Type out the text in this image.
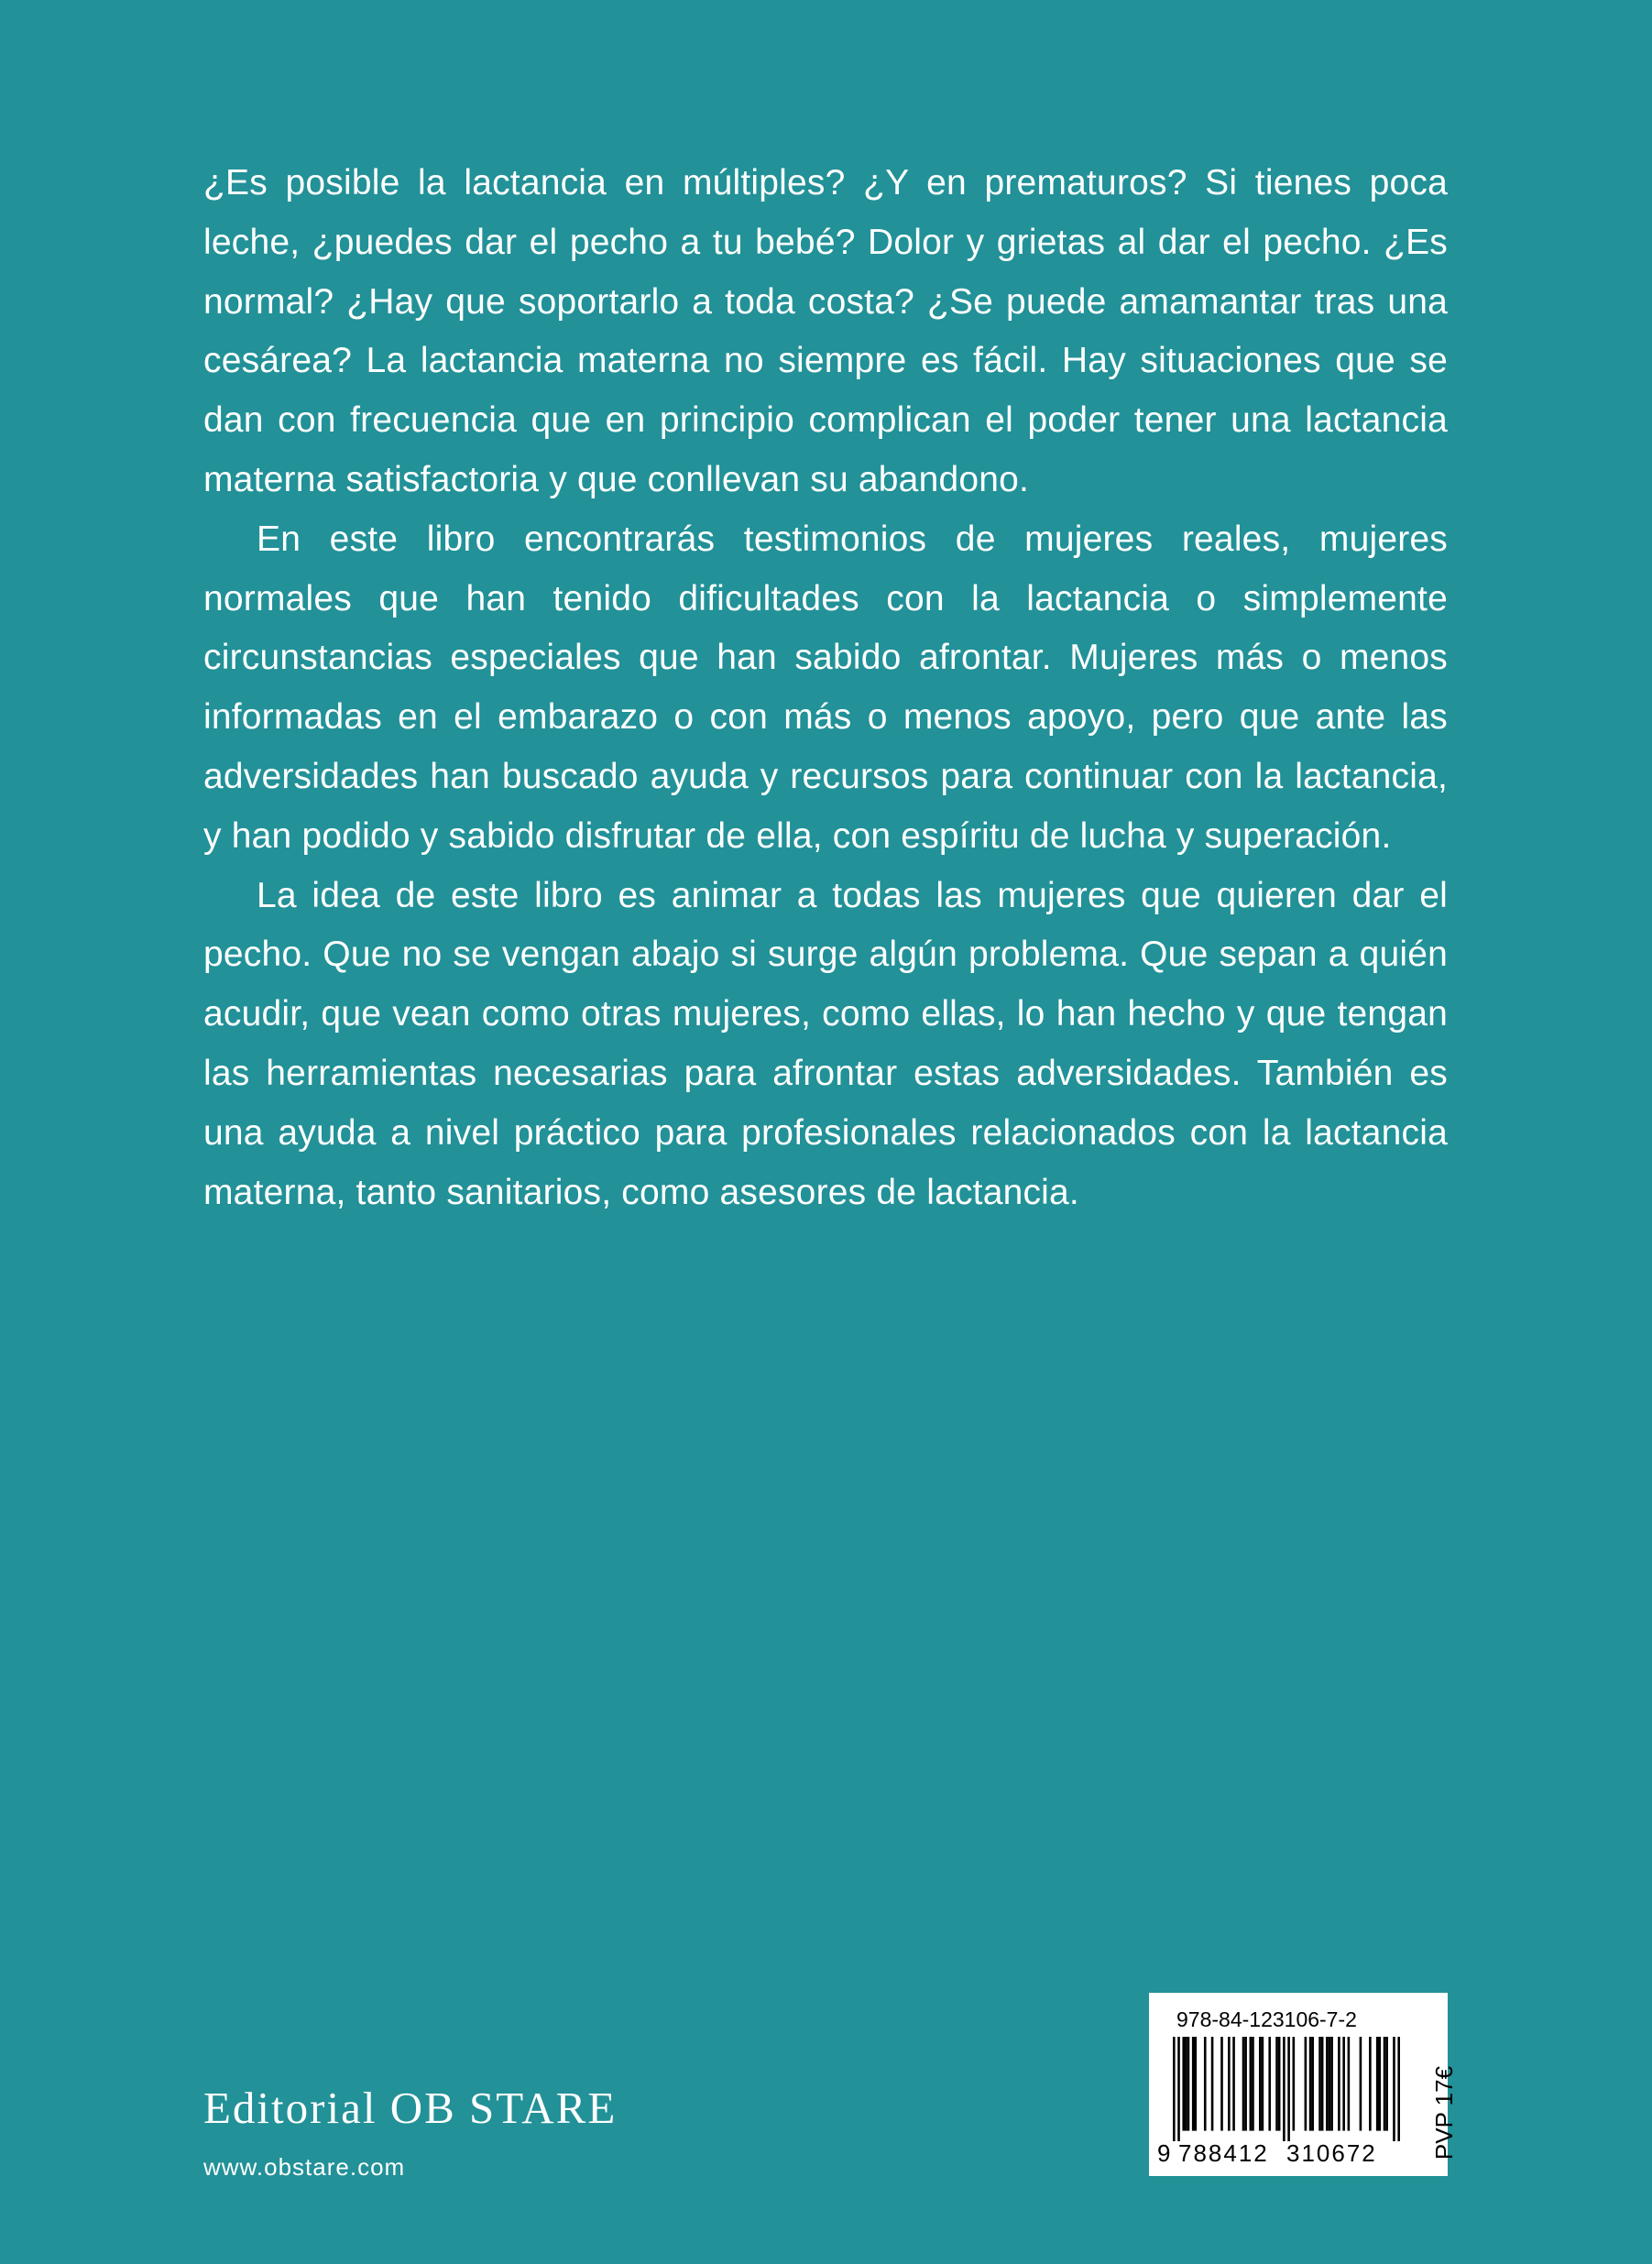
¿Es posible la lactancia en múltiples? ¿Y en prematuros? Si tienes poca leche, ¿puedes dar el pecho a tu bebé? Dolor y grietas al dar el pecho. ¿Es normal? ¿Hay que soportarlo a toda costa? ¿Se puede amamantar tras una cesárea? La lactancia materna no siempre es fácil. Hay situaciones que se dan con frecuencia que en principio complican el poder tener una lactancia materna satisfactoria y que conllevan su abandono.

En este libro encontrarás testimonios de mujeres reales, mujeres normales que han tenido dificultades con la lactancia o simplemente circunstancias especiales que han sabido afrontar. Mujeres más o menos informadas en el embarazo o con más o menos apoyo, pero que ante las adversidades han buscado ayuda y recursos para continuar con la lactancia, y han podido y sabido disfrutar de ella, con espíritu de lucha y superación.

La idea de este libro es animar a todas las mujeres que quieren dar el pecho. Que no se vengan abajo si surge algún problema. Que sepan a quién acudir, que vean como otras mujeres, como ellas, lo han hecho y que tengan las herramientas necesarias para afrontar estas adversidades. También es una ayuda a nivel práctico para profesionales relacionados con la lactancia materna, tanto sanitarios, como asesores de lactancia.

Editorial OB STARE
www.obstare.com
978-84-123106-7-2
9 788412 310672 PVP 17€
